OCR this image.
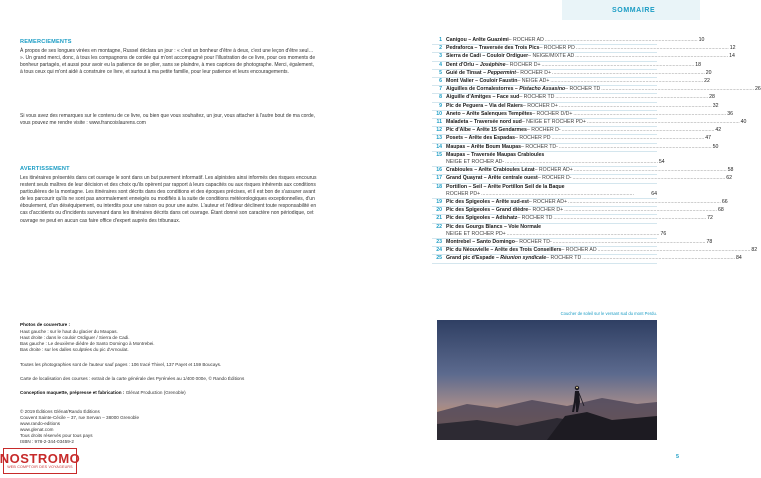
REMERCIEMENTS
À propos de ses longues virées en montagne, Russel déclara un jour : « c'est un bonheur d'être à deux, c'est une leçon d'être seul… ». Un grand merci, donc, à tous les compagnons de cordée qui m'ont accompagné pour l'illustration de ce livre, pour ces moments de bonheur partagés, et aussi pour avoir eu la patience de se plier, sans se plaindre, à mes caprices de photographe. Merci, également, à tous ceux qui m'ont aidé à construire ce livre, et surtout à ma petite famille, pour leur patience et leurs encouragements.
Si vous avez des remarques sur le contenu de ce livre, ou bien que vous souhaitez, un jour, vous attacher à l'autre bout de ma corde, vous pouvez me rendre visite : www.francoislaurens.com
AVERTISSEMENT
Les itinéraires présentés dans cet ouvrage le sont dans un but purement informatif. Les alpinistes ainsi informés des risques encourus restent seuls maîtres de leur décision et des choix qu'ils opèrent par rapport à leurs capacités ou aux risques inhérents aux conditions particulières de la montagne. Les itinéraires sont décrits dans des conditions et des époques précises, et il est bon de s'assurer avant de les parcourir qu'ils ne sont pas anormalement enneigés ou modifiés à la suite de conditions météorologiques exceptionnelles, d'un éboulement, d'un déséquipement, ou interdits pour une raison ou pour une autre. L'auteur et l'éditeur déclinent toute responsabilité en cas d'accidents ou d'incidents survenant dans les itinéraires décrits dans cet ouvrage. Étant donné son caractère non périodique, cet ouvrage ne peut en aucun cas faire office d'expert auprès des tribunaux.
Photos de couverture :
Haut gauche : sur le haut du glacier du Maupas.
Haut droite : dans le couloir Ordiguer / Sierra de Cadi.
Bas gauche : Le deuxième dièdre de Santo Domingo à Montrebei.
Bas droite : sur les dalles sculptées du pic d'Arnoulat.
Toutes les photographies sont de l'auteur sauf pages : 106 tracé Thivel, 137 Payet et 159 Boucays.
Carte de localisation des courses : extrait de la carte générale des Pyrénées au 1/400 000e, © Rando Éditions
Conception maquette, prépresse et fabrication : Glénat Production (Grenoble)
© 2019 Éditions Glénat/Rando Éditions
Couvent Sainte-Cécile – 37, rue Servan – 38000 Grenoble
www.rando-editions
www.glenat.com
Tous droits réservés pour tous pays
ISBN : 978-2-344-03459-2
NOSTROMO
WEB COMPTOIR DES VOYAGEURS
SOMMAIRE
1 Canigou – Arête Guazémi – ROCHER AD .......................................................................................................... 10
2 Pedraforca – Traversée des Trois Pics – ROCHER PD .......................................................................................................... 12
3 Sierra de Cadi – Couloir Ordiguer – NEIGE/MIXTE AD .......................................................................................................... 14
4 Dent d'Orlu – Joséphine – ROCHER D+ .......................................................................................................... 18
5 Guié de Tinsat – Peppermint – ROCHER D+ .......................................................................................................... 20
6 Mont Valier – Couloir Faustin – NEIGE AD+ .......................................................................................................... 22
7 Aiguilles de Cornalestorres – Pistacho Assasino – ROCHER TD .......................................................................................................... 26
8 Aiguille d'Amitges – Face sud – ROCHER TD .......................................................................................................... 28
9 Pic de Peguera – Via del Raiers – ROCHER D+ .......................................................................................................... 32
10 Aneto – Arête Salenques Tempêtes – ROCHER D/D+ .......................................................................................................... 36
11 Maladeta – Traversée nord sud – NEIGE ET ROCHER PD+ .......................................................................................................... 40
12 Pic d'Albe – Arête 15 Gendarmes – ROCHER D- .......................................................................................................... 42
13 Posets – Arête des Espadas – ROCHER PD .......................................................................................................... 47
14 Maupas – Arête Boum Maupas – ROCHER TD- .......................................................................................................... 50
15 Maupas – Traversée Maupas Crabioules
NEIGE ET ROCHER AD- .......................................................................................................... 54
16 Crabioules – Arête Crabioules Lézat – ROCHER AD+ .......................................................................................................... 58
17 Grand Quayrat – Arête centrale ouest – ROCHER D- .......................................................................................................... 62
18 Portillon – Seil – Arête Portillon Seil de la Baque
ROCHER PD+ ..........................................................................................................	64
19 Pic des Spigeoles – Arête sud-est – ROCHER AD+ .......................................................................................................... 66
20 Pic des Spigeoles – Grand dièdre – ROCHER D+ .......................................................................................................... 68
21 Pic des Spigeoles – Adishatz – ROCHER TD .......................................................................................................... 72
22 Pic des Gourgs Blancs – Voie Normale
NEIGE ET ROCHER PD+ .......................................................................................................... 76
23 Montrebel – Santo Domingo – ROCHER TD- .......................................................................................................... 78
24 Pic du Néouvielle – Arête des Trois Conseillers – ROCHER AD .......................................................................................................... 82
25 Grand pic d'Espade – Réunion syndicale – ROCHER TD .......................................................................................................... 84
Coucher de soleil sur le versant sud du mont Perdu.
5
